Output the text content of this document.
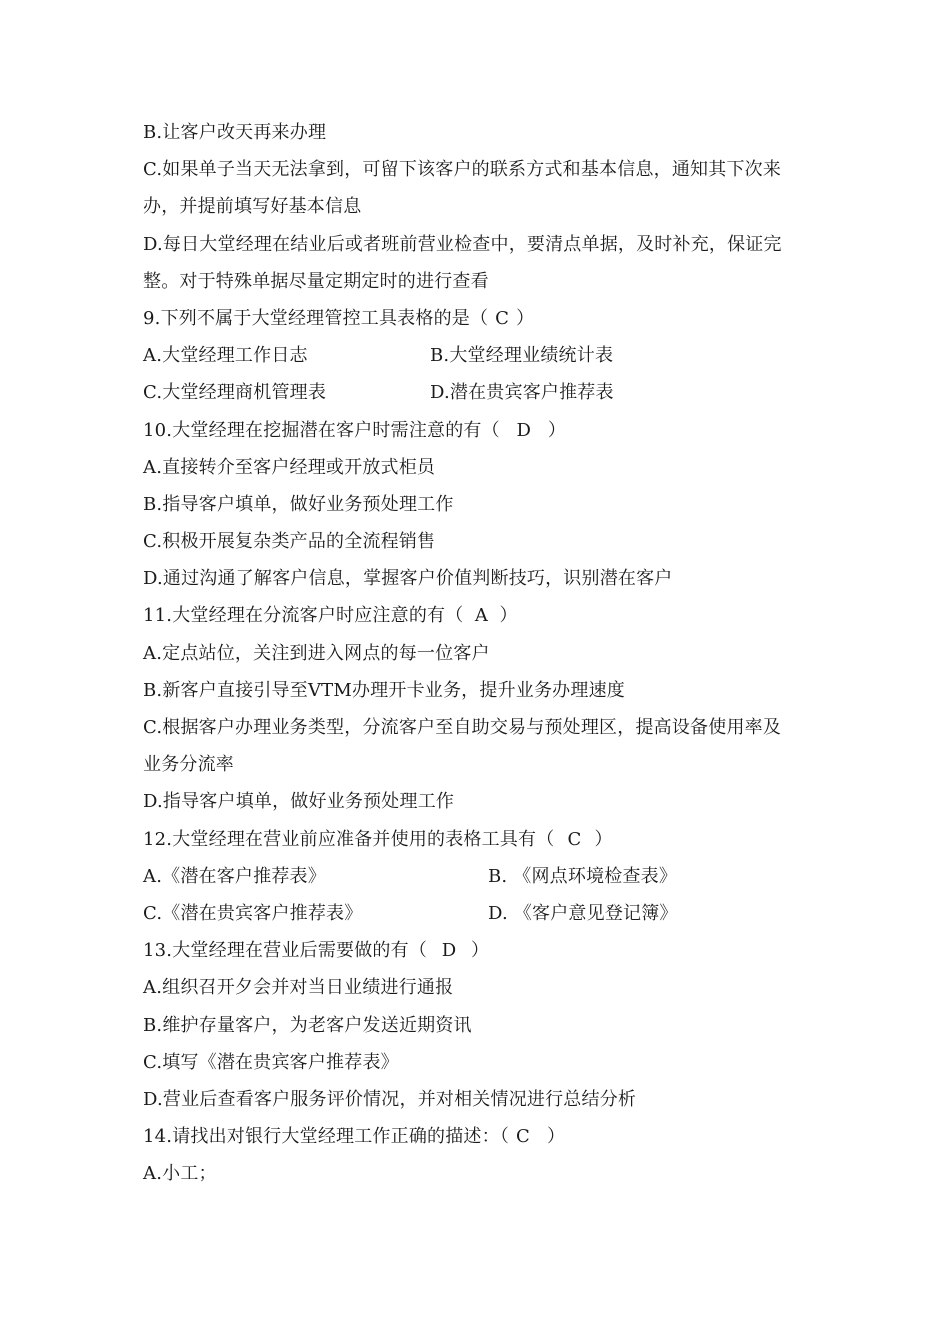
B.让客户改天再来办理
C.如果单子当天无法拿到，可留下该客户的联系方式和基本信息，通知其下次来
办，并提前填写好基本信息
D.每日大堂经理在结业后或者班前营业检查中，要清点单据，及时补充，保证完
整。对于特殊单据尽量定期定时的进行查看
9.下列不属于大堂经理管控工具表格的是（ C ）
A.大堂经理工作日志	B.大堂经理业绩统计表
C.大堂经理商机管理表	D.潜在贵宾客户推荐表
10.大堂经理在挖掘潜在客户时需注意的有（ D ）
A.直接转介至客户经理或开放式柜员
B.指导客户填单，做好业务预处理工作
C.积极开展复杂类产品的全流程销售
D.通过沟通了解客户信息，掌握客户价值判断技巧，识别潜在客户
11.大堂经理在分流客户时应注意的有（ A ）
A.定点站位，关注到进入网点的每一位客户
B.新客户直接引导至VTM办理开卡业务，提升业务办理速度
C.根据客户办理业务类型，分流客户至自助交易与预处理区，提高设备使用率及
业务分流率
D.指导客户填单，做好业务预处理工作
12.大堂经理在营业前应准备并使用的表格工具有（ C ）
A.《潜在客户推荐表》	B. 《网点环境检查表》
C.《潜在贵宾客户推荐表》	D. 《客户意见登记簿》
13.大堂经理在营业后需要做的有（ D ）
A.组织召开夕会并对当日业绩进行通报
B.维护存量客户，为老客户发送近期资讯
C.填写《潜在贵宾客户推荐表》
D.营业后查看客户服务评价情况，并对相关情况进行总结分析
14.请找出对银行大堂经理工作正确的描述：（ C ）
A.小工；
